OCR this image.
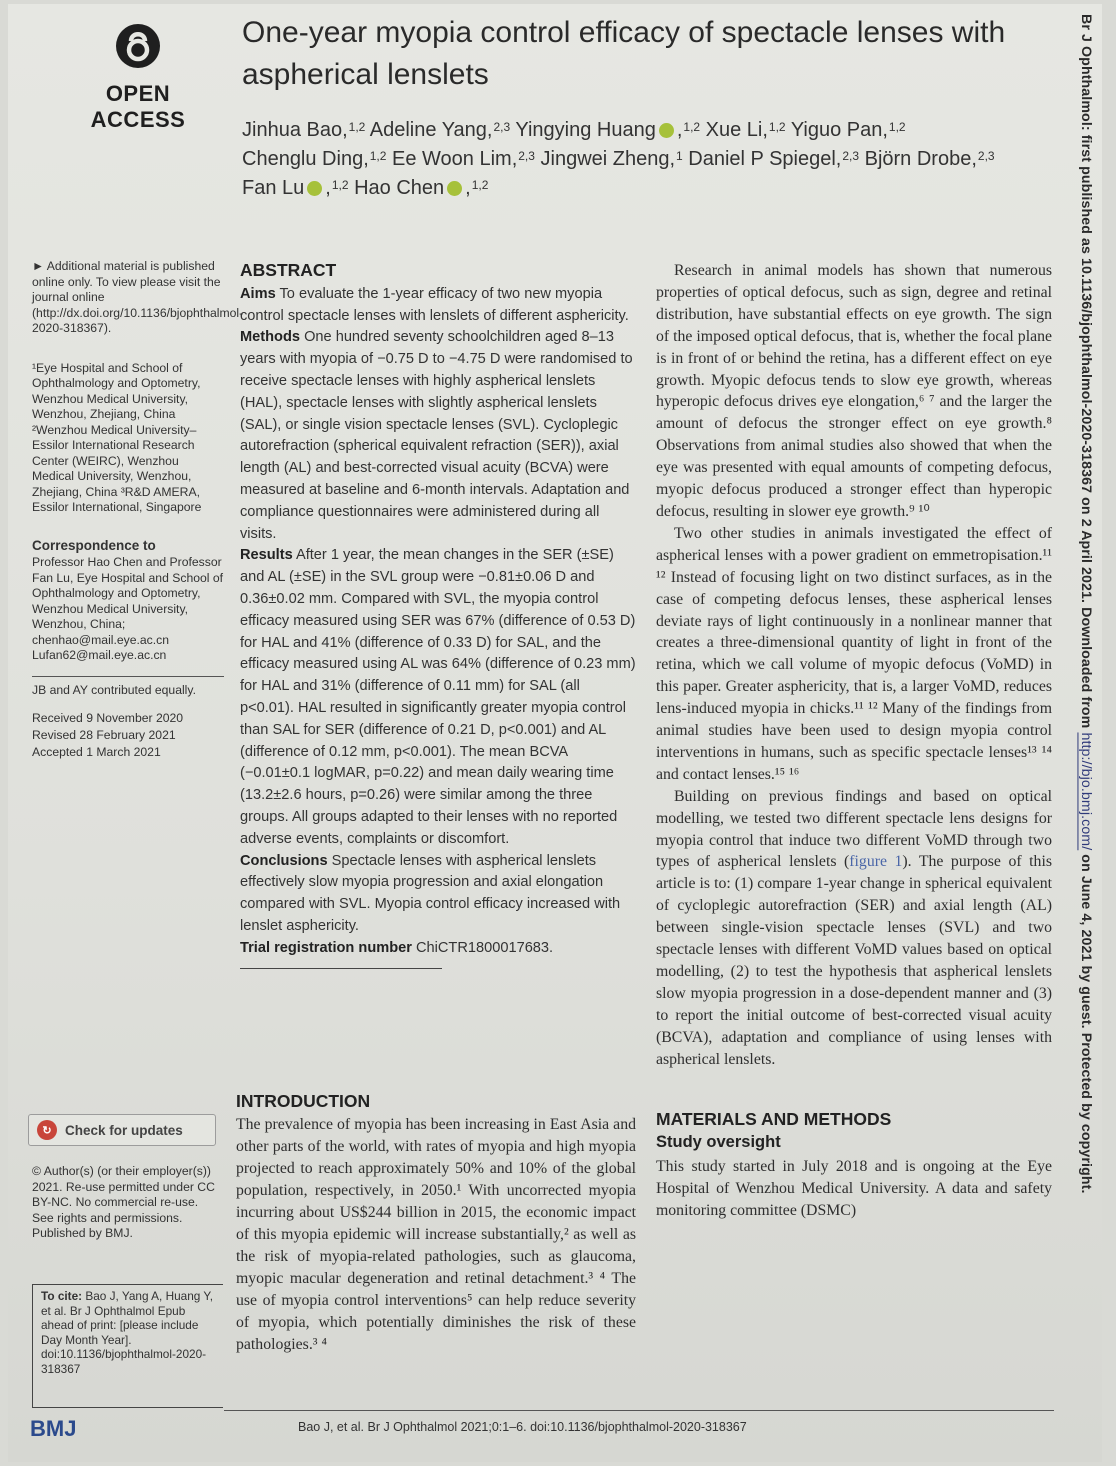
OPEN ACCESS
One-year myopia control efficacy of spectacle lenses with aspherical lenslets
Jinhua Bao,$^{1,2}$ Adeline Yang,$^{2,3}$ Yingying Huang ,$^{1,2}$ Xue Li,$^{1,2}$ Yiguo Pan,$^{1,2}$
Chenglu Ding,$^{1,2}$ Ee Woon Lim,$^{2,3}$ Jingwei Zheng,$^1$ Daniel P Spiegel,$^{2,3}$ Björn Drobe,$^{2,3}$
Fan Lu ,$^{1,2}$ Hao Chen ,$^{1,2}$	Br J Ophthalmol: first published as 10.1136/bjophthalmol-2020-318367 on 2 April 2021. Downloaded from http://bjo.bmj.com/ on June 4, 2021 by guest. Protected by copyright.

► Additional material is published online only. To view please visit the journal online (http://dx.doi.org/10.1136/bjophthalmol-2020-318367).

¹Eye Hospital and School of Ophthalmology and Optometry, Wenzhou Medical University, Wenzhou, Zhejiang, China ²Wenzhou Medical University–Essilor International Research Center (WEIRC), Wenzhou Medical University, Wenzhou, Zhejiang, China ³R&D AMERA, Essilor International, Singapore

Correspondence to
Professor Hao Chen and Professor Fan Lu, Eye Hospital and School of Ophthalmology and Optometry, Wenzhou Medical University, Wenzhou, China; chenhao@mail.eye.ac.cn Lufan62@mail.eye.ac.cn

JB and AY contributed equally.

Received 9 November 2020
Revised 28 February 2021
Accepted 1 March 2021

↻ Check for updates
© Author(s) (or their employer(s)) 2021. Re-use permitted under CC BY-NC. No commercial re-use. See rights and permissions. Published by BMJ.
To cite: Bao J, Yang A, Huang Y, et al. Br J Ophthalmol Epub ahead of print: [please include Day Month Year]. doi:10.1136/bjophthalmol-2020-318367
ABSTRACT

Aims To evaluate the 1-year efficacy of two new myopia control spectacle lenses with lenslets of different asphericity.

Methods One hundred seventy schoolchildren aged 8–13 years with myopia of −0.75 D to −4.75 D were randomised to receive spectacle lenses with highly aspherical lenslets (HAL), spectacle lenses with slightly aspherical lenslets (SAL), or single vision spectacle lenses (SVL). Cycloplegic autorefraction (spherical equivalent refraction (SER)), axial length (AL) and best-corrected visual acuity (BCVA) were measured at baseline and 6-month intervals. Adaptation and compliance questionnaires were administered during all visits.

Results After 1 year, the mean changes in the SER (±SE) and AL (±SE) in the SVL group were −0.81±0.06 D and 0.36±0.02 mm. Compared with SVL, the myopia control efficacy measured using SER was 67% (difference of 0.53 D) for HAL and 41% (difference of 0.33 D) for SAL, and the efficacy measured using AL was 64% (difference of 0.23 mm) for HAL and 31% (difference of 0.11 mm) for SAL (all p<0.01). HAL resulted in significantly greater myopia control than SAL for SER (difference of 0.21 D, p<0.001) and AL (difference of 0.12 mm, p<0.001). The mean BCVA (−0.01±0.1 logMAR, p=0.22) and mean daily wearing time (13.2±2.6 hours, p=0.26) were similar among the three groups. All groups adapted to their lenses with no reported adverse events, complaints or discomfort.

Conclusions Spectacle lenses with aspherical lenslets effectively slow myopia progression and axial elongation compared with SVL. Myopia control efficacy increased with lenslet asphericity.

Trial registration number ChiCTR1800017683.

INTRODUCTION
The prevalence of myopia has been increasing in East Asia and other parts of the world, with rates of myopia and high myopia projected to reach approximately 50% and 10% of the global population, respectively, in 2050.¹ With uncorrected myopia incurring about US$244 billion in 2015, the economic impact of this myopia epidemic will increase substantially,² as well as the risk of myopia-related pathologies, such as glaucoma, myopic macular degeneration and retinal detachment.³ ⁴ The use of myopia control interventions⁵ can help reduce severity of myopia, which potentially diminishes the risk of these pathologies.³ ⁴

Research in animal models has shown that numerous properties of optical defocus, such as sign, degree and retinal distribution, have substantial effects on eye growth. The sign of the imposed optical defocus, that is, whether the focal plane is in front of or behind the retina, has a different effect on eye growth. Myopic defocus tends to slow eye growth, whereas hyperopic defocus drives eye elongation,⁶ ⁷ and the larger the amount of defocus the stronger effect on eye growth.⁸ Observations from animal studies also showed that when the eye was presented with equal amounts of competing defocus, myopic defocus produced a stronger effect than hyperopic defocus, resulting in slower eye growth.⁹ ¹⁰

Two other studies in animals investigated the effect of aspherical lenses with a power gradient on emmetropisation.¹¹ ¹² Instead of focusing light on two distinct surfaces, as in the case of competing defocus lenses, these aspherical lenses deviate rays of light continuously in a nonlinear manner that creates a three-dimensional quantity of light in front of the retina, which we call volume of myopic defocus (VoMD) in this paper. Greater asphericity, that is, a larger VoMD, reduces lens-induced myopia in chicks.¹¹ ¹² Many of the findings from animal studies have been used to design myopia control interventions in humans, such as specific spectacle lenses¹³ ¹⁴ and contact lenses.¹⁵ ¹⁶

Building on previous findings and based on optical modelling, we tested two different spectacle lens designs for myopia control that induce two different VoMD through two types of aspherical lenslets (figure 1). The purpose of this article is to: (1) compare 1-year change in spherical equivalent of cycloplegic autorefraction (SER) and axial length (AL) between single-vision spectacle lenses (SVL) and two spectacle lenses with different VoMD values based on optical modelling, (2) to test the hypothesis that aspherical lenslets slow myopia progression in a dose-dependent manner and (3) to report the initial outcome of best-corrected visual acuity (BCVA), adaptation and compliance of using lenses with aspherical lenslets.

MATERIALS AND METHODS
Study oversight

This study started in July 2018 and is ongoing at the Eye Hospital of Wenzhou Medical University. A data and safety monitoring committee (DSMC)

BMJ	Bao J, et al. Br J Ophthalmol 2021;0:1–6. doi:10.1136/bjophthalmol-2020-318367
